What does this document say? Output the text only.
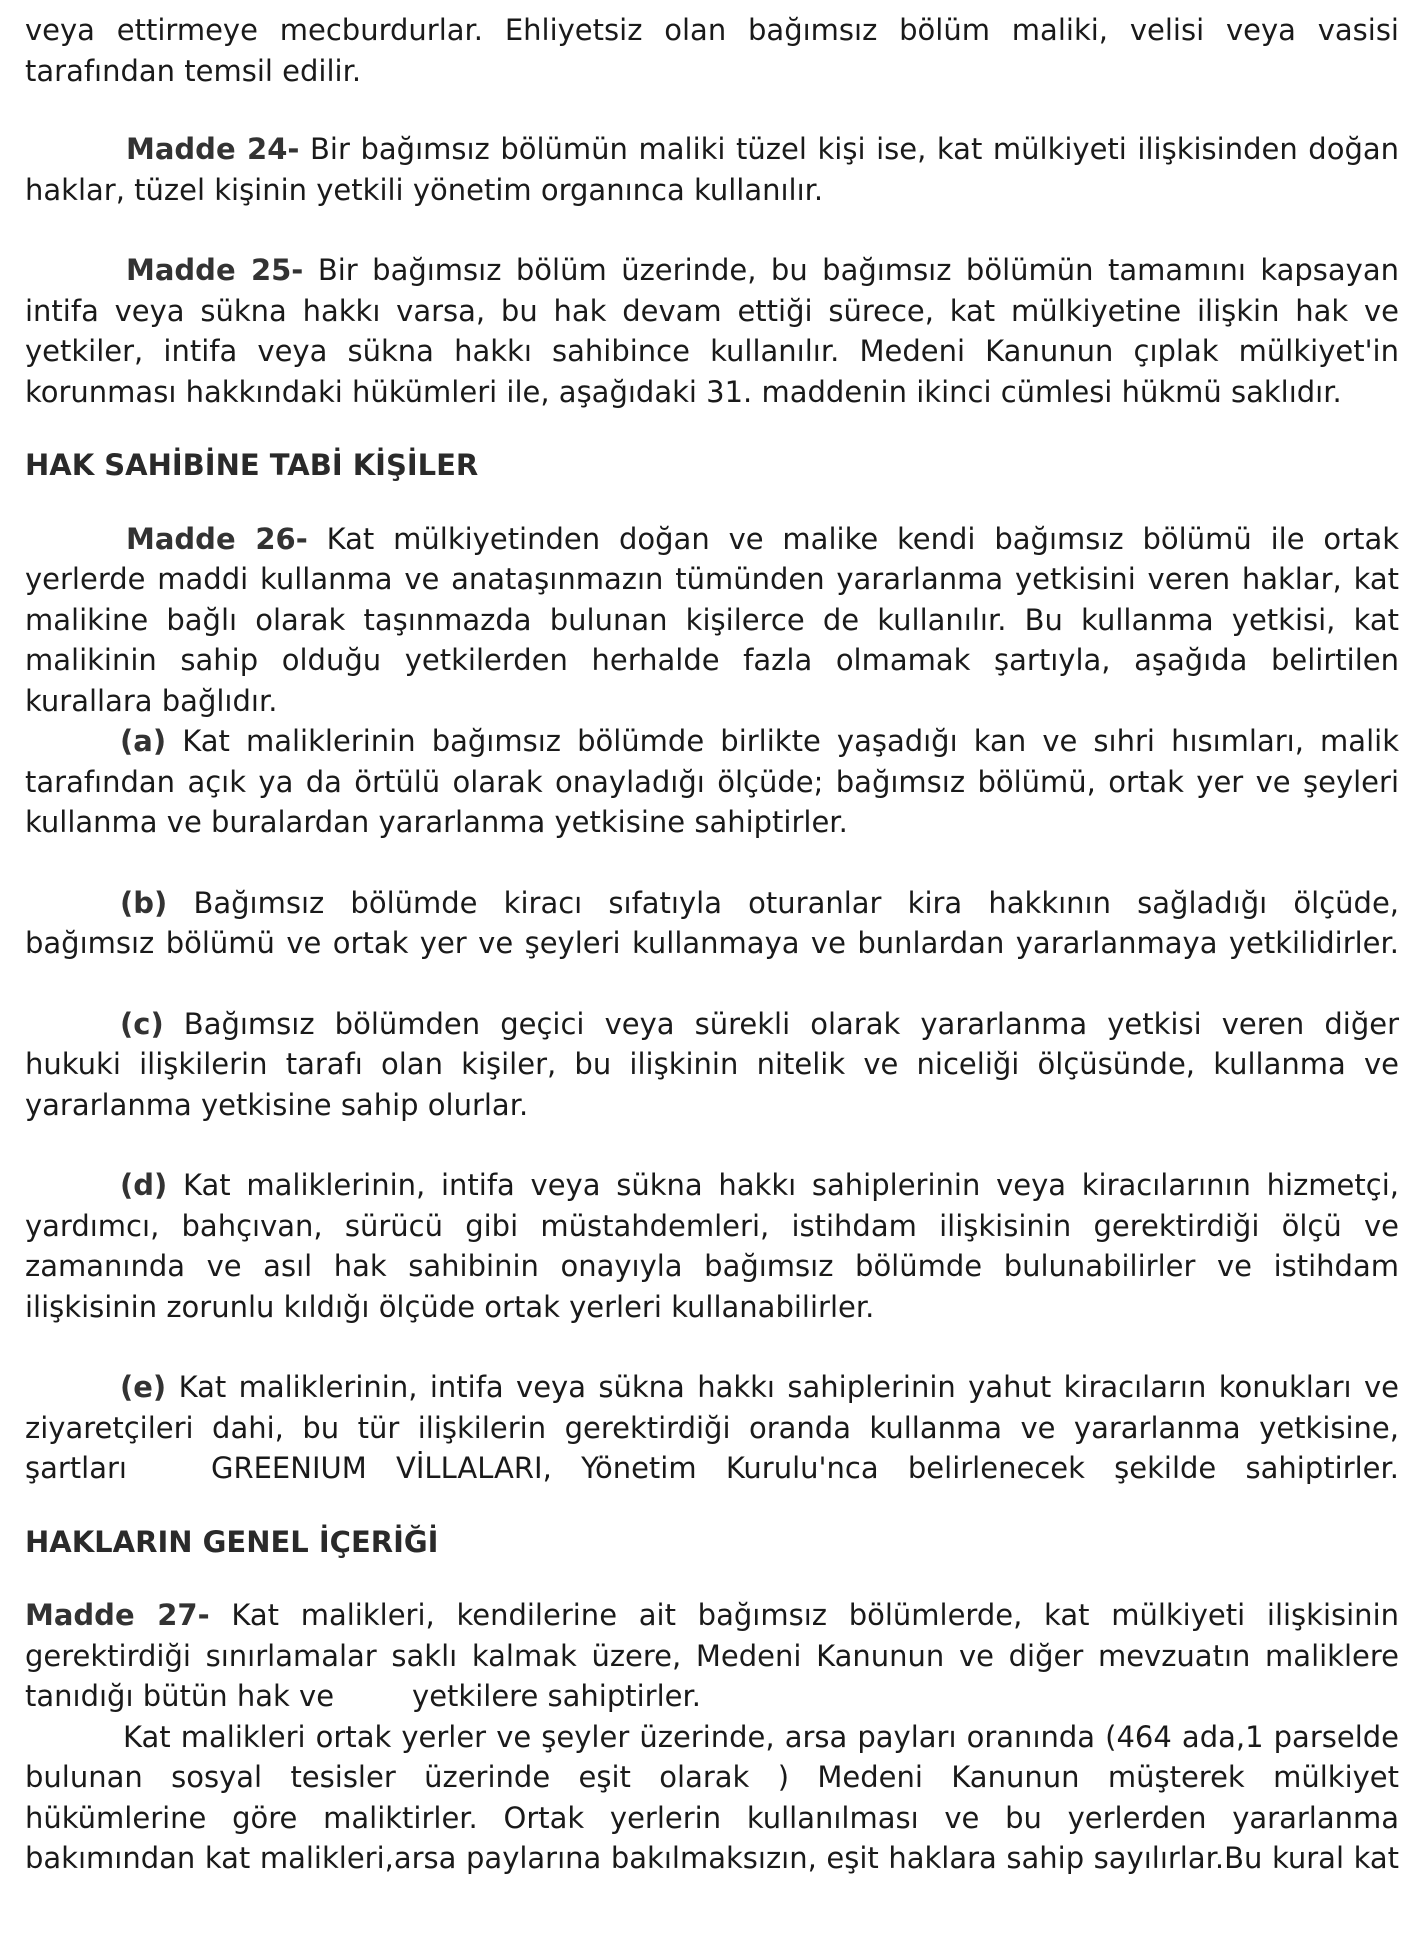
veya ettirmeye mecburdurlar. Ehliyetsiz olan bağımsız bölüm maliki, velisi veya vasisi
tarafından temsil edilir.
Madde 24- Bir bağımsız bölümün maliki tüzel kişi ise, kat mülkiyeti ilişkisinden doğan
haklar, tüzel kişinin yetkili yönetim organınca kullanılır.
Madde 25- Bir bağımsız bölüm üzerinde, bu bağımsız bölümün tamamını kapsayan
intifa veya sükna hakkı varsa, bu hak devam ettiği sürece, kat mülkiyetine ilişkin hak ve
yetkiler, intifa veya sükna hakkı sahibince kullanılır. Medeni Kanunun çıplak mülkiyet'in
korunması hakkındaki hükümleri ile, aşağıdaki 31. maddenin ikinci cümlesi hükmü saklıdır.
HAK SAHİBİNE TABİ KİŞİLER
Madde 26- Kat mülkiyetinden doğan ve malike kendi bağımsız bölümü ile ortak
yerlerde maddi kullanma ve anataşınmazın tümünden yararlanma yetkisini veren haklar, kat
malikine bağlı olarak taşınmazda bulunan kişilerce de kullanılır. Bu kullanma yetkisi, kat
malikinin sahip olduğu yetkilerden herhalde fazla olmamak şartıyla, aşağıda belirtilen
kurallara bağlıdır.
(a) Kat maliklerinin bağımsız bölümde birlikte yaşadığı kan ve sıhri hısımları, malik
tarafından açık ya da örtülü olarak onayladığı ölçüde; bağımsız bölümü, ortak yer ve şeyleri
kullanma ve buralardan yararlanma yetkisine sahiptirler.
(b) Bağımsız bölümde kiracı sıfatıyla oturanlar kira hakkının sağladığı ölçüde,
bağımsız bölümü ve ortak yer ve şeyleri kullanmaya ve bunlardan yararlanmaya yetkilidirler.
(c) Bağımsız bölümden geçici veya sürekli olarak yararlanma yetkisi veren diğer
hukuki ilişkilerin tarafı olan kişiler, bu ilişkinin niteli̇k ve niceliği ölçüsünde, kullanma ve
yararlanma yetkisine sahip olurlar.
(d) Kat maliklerinin, intifa veya sükna hakkı sahiplerinin veya kiracılarının hizmetçi,
yardımcı, bahçıvan, sürücü gibi müstahdemleri, istihdam ilişkisinin gerektirdiği ölçü ve
zamanında ve asıl hak sahibinin onayıyla bağımsız bölümde bulunabilirler ve istihdam
ilişkisinin zorunlu kıldığı ölçüde ortak yerleri kullanabilirler.
(e) Kat maliklerinin, intifa veya sükna hakkı sahiplerinin yahut kiracıların konukları ve
ziyaretçileri dahi, bu tür ilişkilerin gerektirdiği oranda kullanma ve yararlanma yetkisine,
şartları	GREENIUM VİLLALARI, Yönetim Kurulu'nca belirlenecek şekilde sahiptirler.
HAKLARIN GENEL İÇERİĞİ
Madde 27- Kat malikleri, kendilerine ait bağımsız bölümlerde, kat mülkiyeti ilişkisinin
gerektirdiği sınırlamalar saklı kalmak üzere, Medeni Kanunun ve diğer mevzuatın maliklere
tanıdığı bütün hak ve	yetkilere sahiptirler.
Kat malikleri ortak yerler ve şeyler üzerinde, arsa payları oranında (464 ada,1 parselde
bulunan sosyal tesisler üzerinde eşit olarak ) Medeni Kanunun müşterek mülkiyet
hükümlerine göre maliktirler. Ortak yerlerin kullanılması ve bu yerlerden yararlanma
bakımından kat malikleri,arsa paylarına bakılmaksızın, eşit haklara sahip sayılırlar.Bu kural kat
